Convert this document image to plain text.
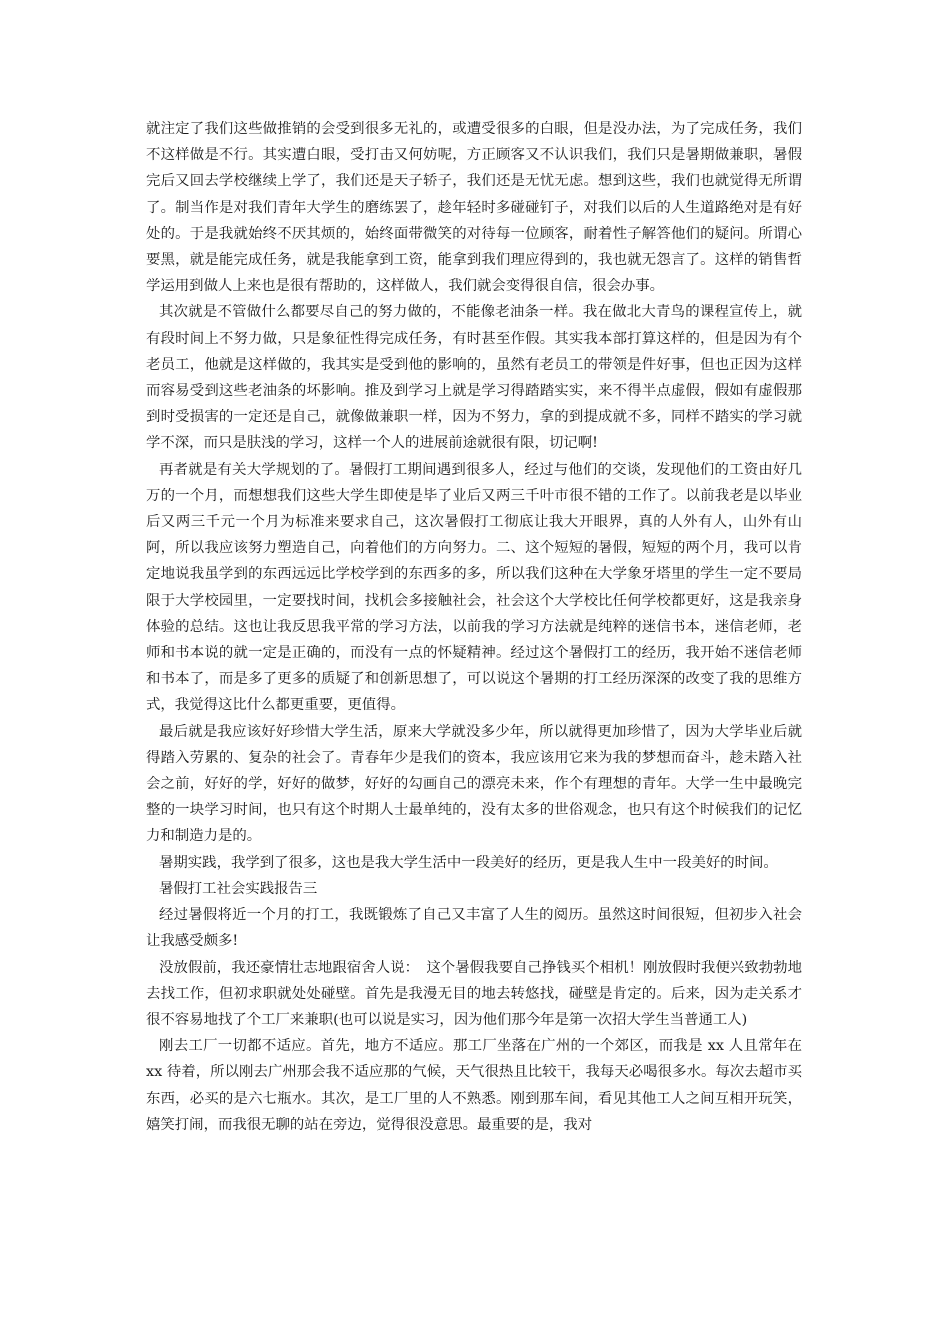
就注定了我们这些做推销的会受到很多无礼的，或遭受很多的白眼，但是没办法，为了完成任务，我们不这样做是不行。其实遭白眼，受打击又何妨呢，方正顾客又不认识我们，我们只是暑期做兼职，暑假完后又回去学校继续上学了，我们还是天子轿子，我们还是无忧无虑。想到这些，我们也就觉得无所谓了。制当作是对我们青年大学生的磨练罢了，趁年轻时多碰碰钉子，对我们以后的人生道路绝对是有好处的。于是我就始终不厌其烦的，始终面带微笑的对待每一位顾客，耐着性子解答他们的疑问。所谓心要黑，就是能完成任务，就是我能拿到工资，能拿到我们理应得到的，我也就无怨言了。这样的销售哲学运用到做人上来也是很有帮助的，这样做人，我们就会变得很自信，很会办事。

其次就是不管做什么都要尽自己的努力做的，不能像老油条一样。我在做北大青鸟的课程宣传上，就有段时间上不努力做，只是象征性得完成任务，有时甚至作假。其实我本部打算这样的，但是因为有个老员工，他就是这样做的，我其实是受到他的影响的，虽然有老员工的带领是件好事，但也正因为这样而容易受到这些老油条的坏影响。推及到学习上就是学习得踏踏实实，来不得半点虚假，假如有虚假那到时受损害的一定还是自己，就像做兼职一样，因为不努力，拿的到提成就不多，同样不踏实的学习就学不深，而只是肤浅的学习，这样一个人的进展前途就很有限，切记啊!

再者就是有关大学规划的了。暑假打工期间遇到很多人，经过与他们的交谈，发现他们的工资由好几万的一个月，而想想我们这些大学生即使是毕了业后又两三千叶市很不错的工作了。以前我老是以毕业后又两三千元一个月为标准来要求自己，这次暑假打工彻底让我大开眼界，真的人外有人，山外有山阿，所以我应该努力塑造自己，向着他们的方向努力。二、这个短短的暑假，短短的两个月，我可以肯定地说我虽学到的东西远远比学校学到的东西多的多，所以我们这种在大学象牙塔里的学生一定不要局限于大学校园里，一定要找时间，找机会多接触社会，社会这个大学校比任何学校都更好，这是我亲身体验的总结。这也让我反思我平常的学习方法，以前我的学习方法就是纯粹的迷信书本，迷信老师，老师和书本说的就一定是正确的，而没有一点的怀疑精神。经过这个暑假打工的经历，我开始不迷信老师和书本了，而是多了更多的质疑了和创新思想了，可以说这个暑期的打工经历深深的改变了我的思维方式，我觉得这比什么都更重要，更值得。

最后就是我应该好好珍惜大学生活，原来大学就没多少年，所以就得更加珍惜了，因为大学毕业后就得踏入劳累的、复杂的社会了。青春年少是我们的资本，我应该用它来为我的梦想而奋斗，趁未踏入社会之前，好好的学，好好的做梦，好好的勾画自己的漂亮未来，作个有理想的青年。大学一生中最晚完整的一块学习时间，也只有这个时期人士最单纯的，没有太多的世俗观念，也只有这个时候我们的记忆力和制造力是的。

暑期实践，我学到了很多，这也是我大学生活中一段美好的经历，更是我人生中一段美好的时间。

暑假打工社会实践报告三

经过暑假将近一个月的打工，我既锻炼了自己又丰富了人生的阅历。虽然这时间很短，但初步入社会让我感受颇多!

没放假前，我还豪情壮志地跟宿舍人说：　这个暑假我要自己挣钱买个相机！刚放假时我便兴致勃勃地去找工作，但初求职就处处碰壁。首先是我漫无目的地去转悠找，碰壁是肯定的。后来，因为走关系才很不容易地找了个工厂来兼职(也可以说是实习，因为他们那今年是第一次招大学生当普通工人)

刚去工厂一切都不适应。首先，地方不适应。那工厂坐落在广州的一个郊区，而我是 xx 人且常年在 xx 待着，所以刚去广州那会我不适应那的气候，天气很热且比较干，我每天必喝很多水。每次去超市买东西，必买的是六七瓶水。其次，是工厂里的人不熟悉。刚到那车间，看见其他工人之间互相开玩笑，嬉笑打闹，而我很无聊的站在旁边，觉得很没意思。最重要的是，我对
